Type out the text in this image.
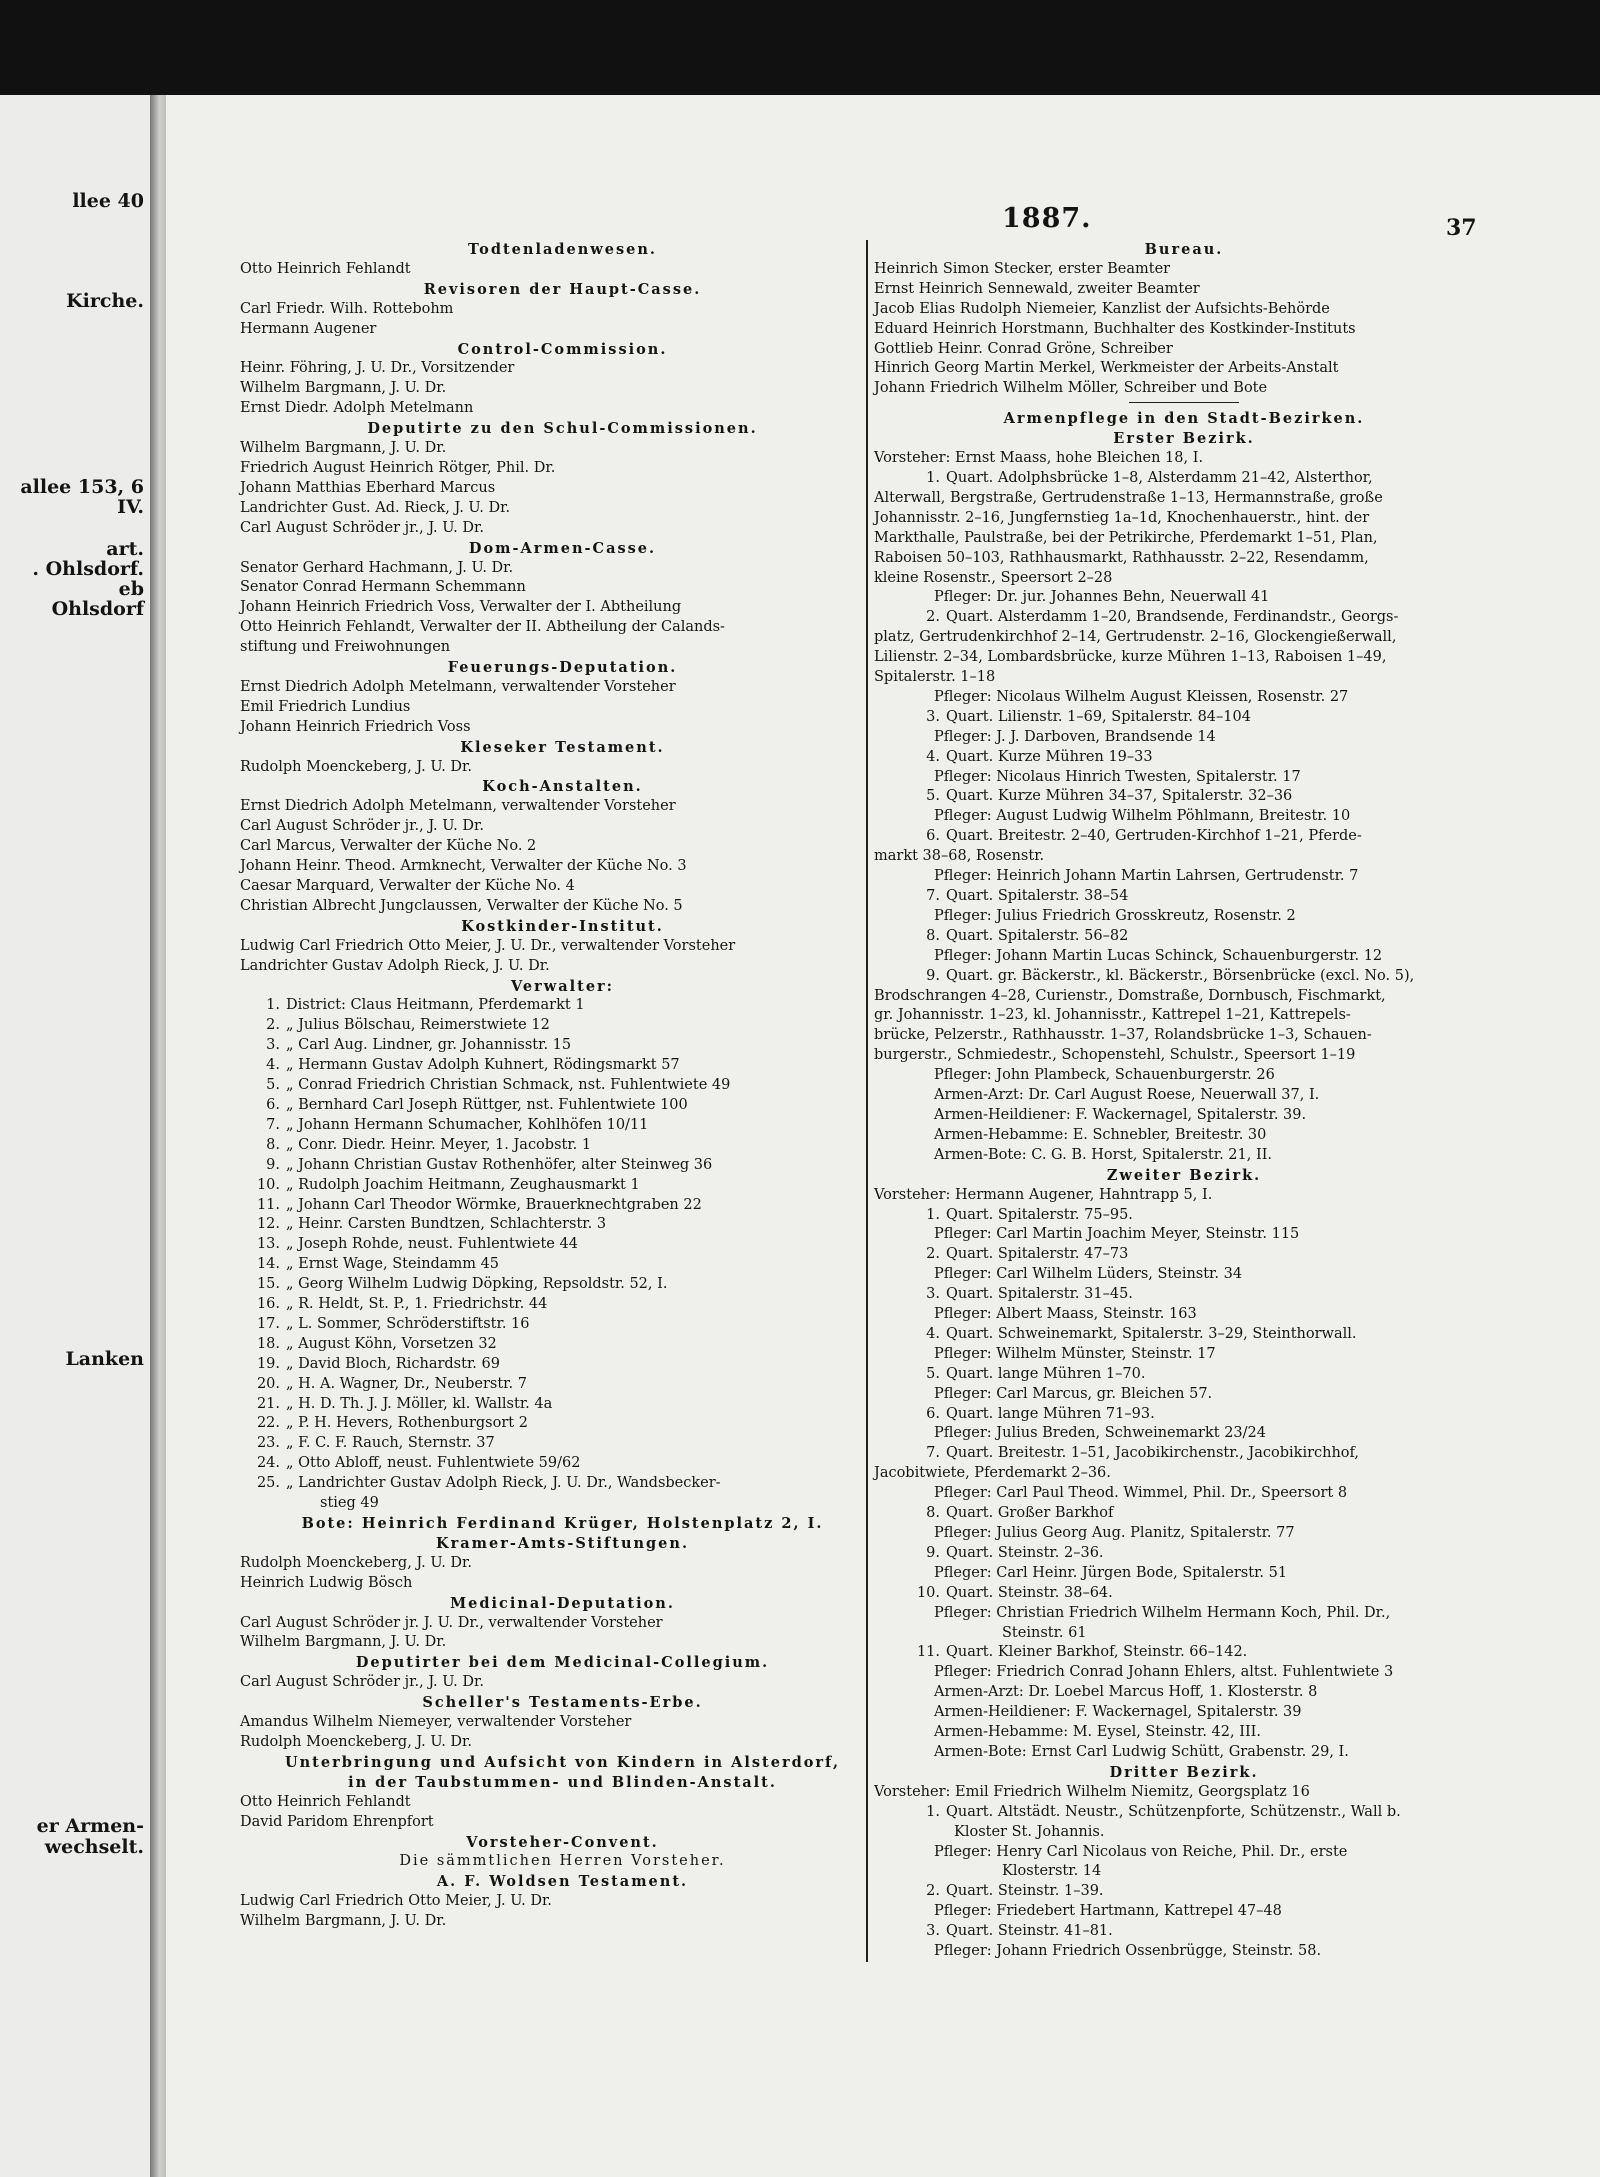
llee 40
Kirche.
allee 153, 6
IV.
art.
. Ohlsdorf.
eb
Ohlsdorf
Lanken
er Armen-
wechselt.
1887.	37
Todtenladenwesen.
Otto Heinrich Fehlandt
Revisoren der Haupt-Casse.
Carl Friedr. Wilh. Rottebohm
Hermann Augener
Control-Commission.
Heinr. Föhring, J. U. Dr., Vorsitzender
Wilhelm Bargmann, J. U. Dr.
Ernst Diedr. Adolph Metelmann
Deputirte zu den Schul-Commissionen.
Wilhelm Bargmann, J. U. Dr.
Friedrich August Heinrich Rötger, Phil. Dr.
Johann Matthias Eberhard Marcus
Landrichter Gust. Ad. Rieck, J. U. Dr.
Carl August Schröder jr., J. U. Dr.
Dom-Armen-Casse.
Senator Gerhard Hachmann, J. U. Dr.
Senator Conrad Hermann Schemmann
Johann Heinrich Friedrich Voss, Verwalter der I. Abtheilung
Otto Heinrich Fehlandt, Verwalter der II. Abtheilung der Calands-
stiftung und Freiwohnungen
Feuerungs-Deputation.
Ernst Diedrich Adolph Metelmann, verwaltender Vorsteher
Emil Friedrich Lundius
Johann Heinrich Friedrich Voss
Kleseker Testament.
Rudolph Moenckeberg, J. U. Dr.
Koch-Anstalten.
Ernst Diedrich Adolph Metelmann, verwaltender Vorsteher
Carl August Schröder jr., J. U. Dr.
Carl Marcus, Verwalter der Küche No. 2
Johann Heinr. Theod. Armknecht, Verwalter der Küche No. 3
Caesar Marquard, Verwalter der Küche No. 4
Christian Albrecht Jungclaussen, Verwalter der Küche No. 5
Kostkinder-Institut.
Ludwig Carl Friedrich Otto Meier, J. U. Dr., verwaltender Vorsteher
Landrichter Gustav Adolph Rieck, J. U. Dr.
Verwalter:
1. District: Claus Heitmann, Pferdemarkt 1
2. „ Julius Bölschau, Reimerstwiete 12
3. „ Carl Aug. Lindner, gr. Johannisstr. 15
4. „ Hermann Gustav Adolph Kuhnert, Rödingsmarkt 57
5. „ Conrad Friedrich Christian Schmack, nst. Fuhlentwiete 49
6. „ Bernhard Carl Joseph Rüttger, nst. Fuhlentwiete 100
7. „ Johann Hermann Schumacher, Kohlhöfen 10/11
8. „ Conr. Diedr. Heinr. Meyer, 1. Jacobstr. 1
9. „ Johann Christian Gustav Rothenhöfer, alter Steinweg 36
10. „ Rudolph Joachim Heitmann, Zeughausmarkt 1
11. „ Johann Carl Theodor Wörmke, Brauerknechtgraben 22
12. „ Heinr. Carsten Bundtzen, Schlachterstr. 3
13. „ Joseph Rohde, neust. Fuhlentwiete 44
14. „ Ernst Wage, Steindamm 45
15. „ Georg Wilhelm Ludwig Döpking, Repsoldstr. 52, I.
16. „ R. Heldt, St. P., 1. Friedrichstr. 44
17. „ L. Sommer, Schröderstiftstr. 16
18. „ August Köhn, Vorsetzen 32
19. „ David Bloch, Richardstr. 69
20. „ H. A. Wagner, Dr., Neuberstr. 7
21. „ H. D. Th. J. J. Möller, kl. Wallstr. 4a
22. „ P. H. Hevers, Rothenburgsort 2
23. „ F. C. F. Rauch, Sternstr. 37
24. „ Otto Abloff, neust. Fuhlentwiete 59/62
25. „ Landrichter Gustav Adolph Rieck, J. U. Dr., Wandsbecker-
stieg 49
Bote: Heinrich Ferdinand Krüger, Holstenplatz 2, I.
Kramer-Amts-Stiftungen.
Rudolph Moenckeberg, J. U. Dr.
Heinrich Ludwig Bösch
Medicinal-Deputation.
Carl August Schröder jr. J. U. Dr., verwaltender Vorsteher
Wilhelm Bargmann, J. U. Dr.
Deputirter bei dem Medicinal-Collegium.
Carl August Schröder jr., J. U. Dr.
Scheller's Testaments-Erbe.
Amandus Wilhelm Niemeyer, verwaltender Vorsteher
Rudolph Moenckeberg, J. U. Dr.
Unterbringung und Aufsicht von Kindern in Alsterdorf,
in der Taubstummen- und Blinden-Anstalt.
Otto Heinrich Fehlandt
David Paridom Ehrenpfort
Vorsteher-Convent.
Die sämmtlichen Herren Vorsteher.
A. F. Woldsen Testament.
Ludwig Carl Friedrich Otto Meier, J. U. Dr.
Wilhelm Bargmann, J. U. Dr.
Bureau.
Heinrich Simon Stecker, erster Beamter
Ernst Heinrich Sennewald, zweiter Beamter
Jacob Elias Rudolph Niemeier, Kanzlist der Aufsichts-Behörde
Eduard Heinrich Horstmann, Buchhalter des Kostkinder-Instituts
Gottlieb Heinr. Conrad Gröne, Schreiber
Hinrich Georg Martin Merkel, Werkmeister der Arbeits-Anstalt
Johann Friedrich Wilhelm Möller, Schreiber und Bote
Armenpflege in den Stadt-Bezirken.
Erster Bezirk.
Vorsteher: Ernst Maass, hohe Bleichen 18, I.
1. Quart. Adolphsbrücke 1–8, Alsterdamm 21–42, Alsterthor,
Alterwall, Bergstraße, Gertrudenstraße 1–13, Hermannstraße, große
Johannisstr. 2–16, Jungfernstieg 1a–1d, Knochenhauerstr., hint. der
Markthalle, Paulstraße, bei der Petrikirche, Pferdemarkt 1–51, Plan,
Raboisen 50–103, Rathhausmarkt, Rathhausstr. 2–22, Resendamm,
kleine Rosenstr., Speersort 2–28
Pfleger: Dr. jur. Johannes Behn, Neuerwall 41
2. Quart. Alsterdamm 1–20, Brandsende, Ferdinandstr., Georgs-
platz, Gertrudenkirchhof 2–14, Gertrudenstr. 2–16, Glockengießerwall,
Lilienstr. 2–34, Lombardsbrücke, kurze Mühren 1–13, Raboisen 1–49,
Spitalerstr. 1–18
Pfleger: Nicolaus Wilhelm August Kleissen, Rosenstr. 27
3. Quart. Lilienstr. 1–69, Spitalerstr. 84–104
Pfleger: J. J. Darboven, Brandsende 14
4. Quart. Kurze Mühren 19–33
Pfleger: Nicolaus Hinrich Twesten, Spitalerstr. 17
5. Quart. Kurze Mühren 34–37, Spitalerstr. 32–36
Pfleger: August Ludwig Wilhelm Pöhlmann, Breitestr. 10
6. Quart. Breitestr. 2–40, Gertruden-Kirchhof 1–21, Pferde-
markt 38–68, Rosenstr.
Pfleger: Heinrich Johann Martin Lahrsen, Gertrudenstr. 7
7. Quart. Spitalerstr. 38–54
Pfleger: Julius Friedrich Grosskreutz, Rosenstr. 2
8. Quart. Spitalerstr. 56–82
Pfleger: Johann Martin Lucas Schinck, Schauenburgerstr. 12
9. Quart. gr. Bäckerstr., kl. Bäckerstr., Börsenbrücke (excl. No. 5),
Brodschrangen 4–28, Curienstr., Domstraße, Dornbusch, Fischmarkt,
gr. Johannisstr. 1–23, kl. Johannisstr., Kattrepel 1–21, Kattrepels-
brücke, Pelzerstr., Rathhausstr. 1–37, Rolandsbrücke 1–3, Schauen-
burgerstr., Schmiedestr., Schopenstehl, Schulstr., Speersort 1–19
Pfleger: John Plambeck, Schauenburgerstr. 26
Armen-Arzt: Dr. Carl August Roese, Neuerwall 37, I.
Armen-Heildiener: F. Wackernagel, Spitalerstr. 39.
Armen-Hebamme: E. Schnebler, Breitestr. 30
Armen-Bote: C. G. B. Horst, Spitalerstr. 21, II.
Zweiter Bezirk.
Vorsteher: Hermann Augener, Hahntrapp 5, I.
1. Quart. Spitalerstr. 75–95.
Pfleger: Carl Martin Joachim Meyer, Steinstr. 115
2. Quart. Spitalerstr. 47–73
Pfleger: Carl Wilhelm Lüders, Steinstr. 34
3. Quart. Spitalerstr. 31–45.
Pfleger: Albert Maass, Steinstr. 163
4. Quart. Schweinemarkt, Spitalerstr. 3–29, Steinthorwall.
Pfleger: Wilhelm Münster, Steinstr. 17
5. Quart. lange Mühren 1–70.
Pfleger: Carl Marcus, gr. Bleichen 57.
6. Quart. lange Mühren 71–93.
Pfleger: Julius Breden, Schweinemarkt 23/24
7. Quart. Breitestr. 1–51, Jacobikirchenstr., Jacobikirchhof,
Jacobitwiete, Pferdemarkt 2–36.
Pfleger: Carl Paul Theod. Wimmel, Phil. Dr., Speersort 8
8. Quart. Großer Barkhof
Pfleger: Julius Georg Aug. Planitz, Spitalerstr. 77
9. Quart. Steinstr. 2–36.
Pfleger: Carl Heinr. Jürgen Bode, Spitalerstr. 51
10. Quart. Steinstr. 38–64.
Pfleger: Christian Friedrich Wilhelm Hermann Koch, Phil. Dr.,
Steinstr. 61
11. Quart. Kleiner Barkhof, Steinstr. 66–142.
Pfleger: Friedrich Conrad Johann Ehlers, altst. Fuhlentwiete 3
Armen-Arzt: Dr. Loebel Marcus Hoff, 1. Klosterstr. 8
Armen-Heildiener: F. Wackernagel, Spitalerstr. 39
Armen-Hebamme: M. Eysel, Steinstr. 42, III.
Armen-Bote: Ernst Carl Ludwig Schütt, Grabenstr. 29, I.
Dritter Bezirk.
Vorsteher: Emil Friedrich Wilhelm Niemitz, Georgsplatz 16
1. Quart. Altstädt. Neustr., Schützenpforte, Schützenstr., Wall b.
Kloster St. Johannis.
Pfleger: Henry Carl Nicolaus von Reiche, Phil. Dr., erste
Klosterstr. 14
2. Quart. Steinstr. 1–39.
Pfleger: Friedebert Hartmann, Kattrepel 47–48
3. Quart. Steinstr. 41–81.
Pfleger: Johann Friedrich Ossenbrügge, Steinstr. 58.
